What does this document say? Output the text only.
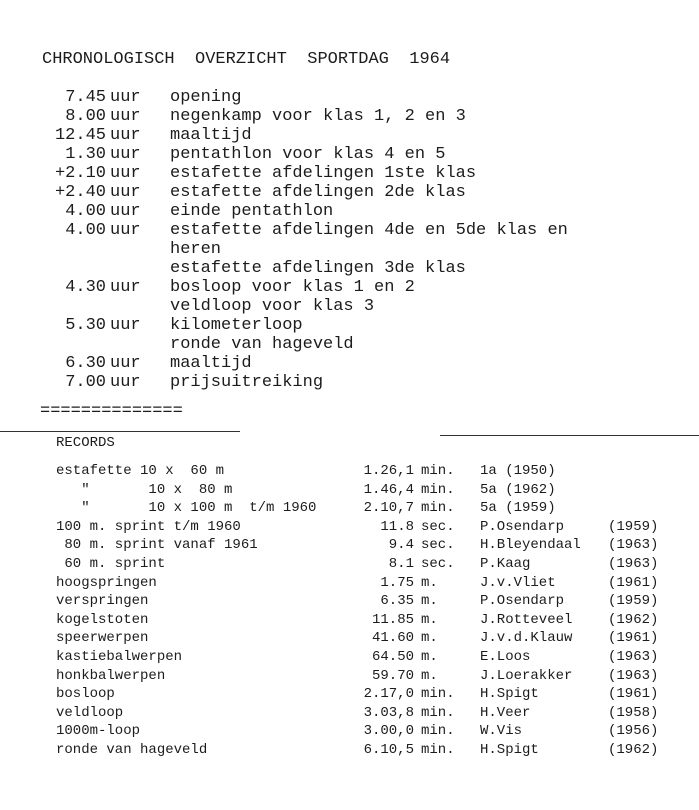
CHRONOLOGISCH  OVERZICHT  SPORTDAG  1964
7.45 uur opening
8.00 uur negenkamp voor klas 1, 2 en 3
12.45 uur maaltijd
1.30 uur pentathlon voor klas 4 en 5
+2.10 uur estafette afdelingen 1ste klas
+2.40 uur estafette afdelingen 2de klas
4.00 uur einde pentathlon
4.00 uur estafette afdelingen 4de en 5de klas en
heren
estafette afdelingen 3de klas
4.30 uur bosloop voor klas 1 en 2
veldloop voor klas 3
5.30 uur kilometerloop
ronde van hageveld
6.30 uur maaltijd
7.00 uur prijsuitreiking
==============
RECORDS
estafette 10 x  60 m	1.26,1 min. 1a (1950)
"       10 x  80 m	1.46,4 min. 5a (1962)
"       10 x 100 m  t/m 1960	2.10,7 min. 5a (1959)
100 m. sprint t/m 1960	11.8 sec. P.Osendarp	(1959)
80 m. sprint vanaf 1961	9.4 sec. H.Bleyendaal (1963)
60 m. sprint	8.1 sec. P.Kaag	(1963)
hoogspringen	1.75 m.	J.v.Vliet	(1961)
verspringen	6.35 m.	P.Osendarp	(1959)
kogelstoten	11.85 m.	J.Rotteveel	(1962)
speerwerpen	41.60 m.	J.v.d.Klauw	(1961)
kastiebalwerpen	64.50 m.	E.Loos	(1963)
honkbalwerpen	59.70 m.	J.Loerakker	(1963)
bosloop	2.17,0 min. H.Spigt	(1961)
veldloop	3.03,8 min. H.Veer	(1958)
1000m-loop	3.00,0 min. W.Vis	(1956)
ronde van hageveld	6.10,5 min. H.Spigt	(1962)
